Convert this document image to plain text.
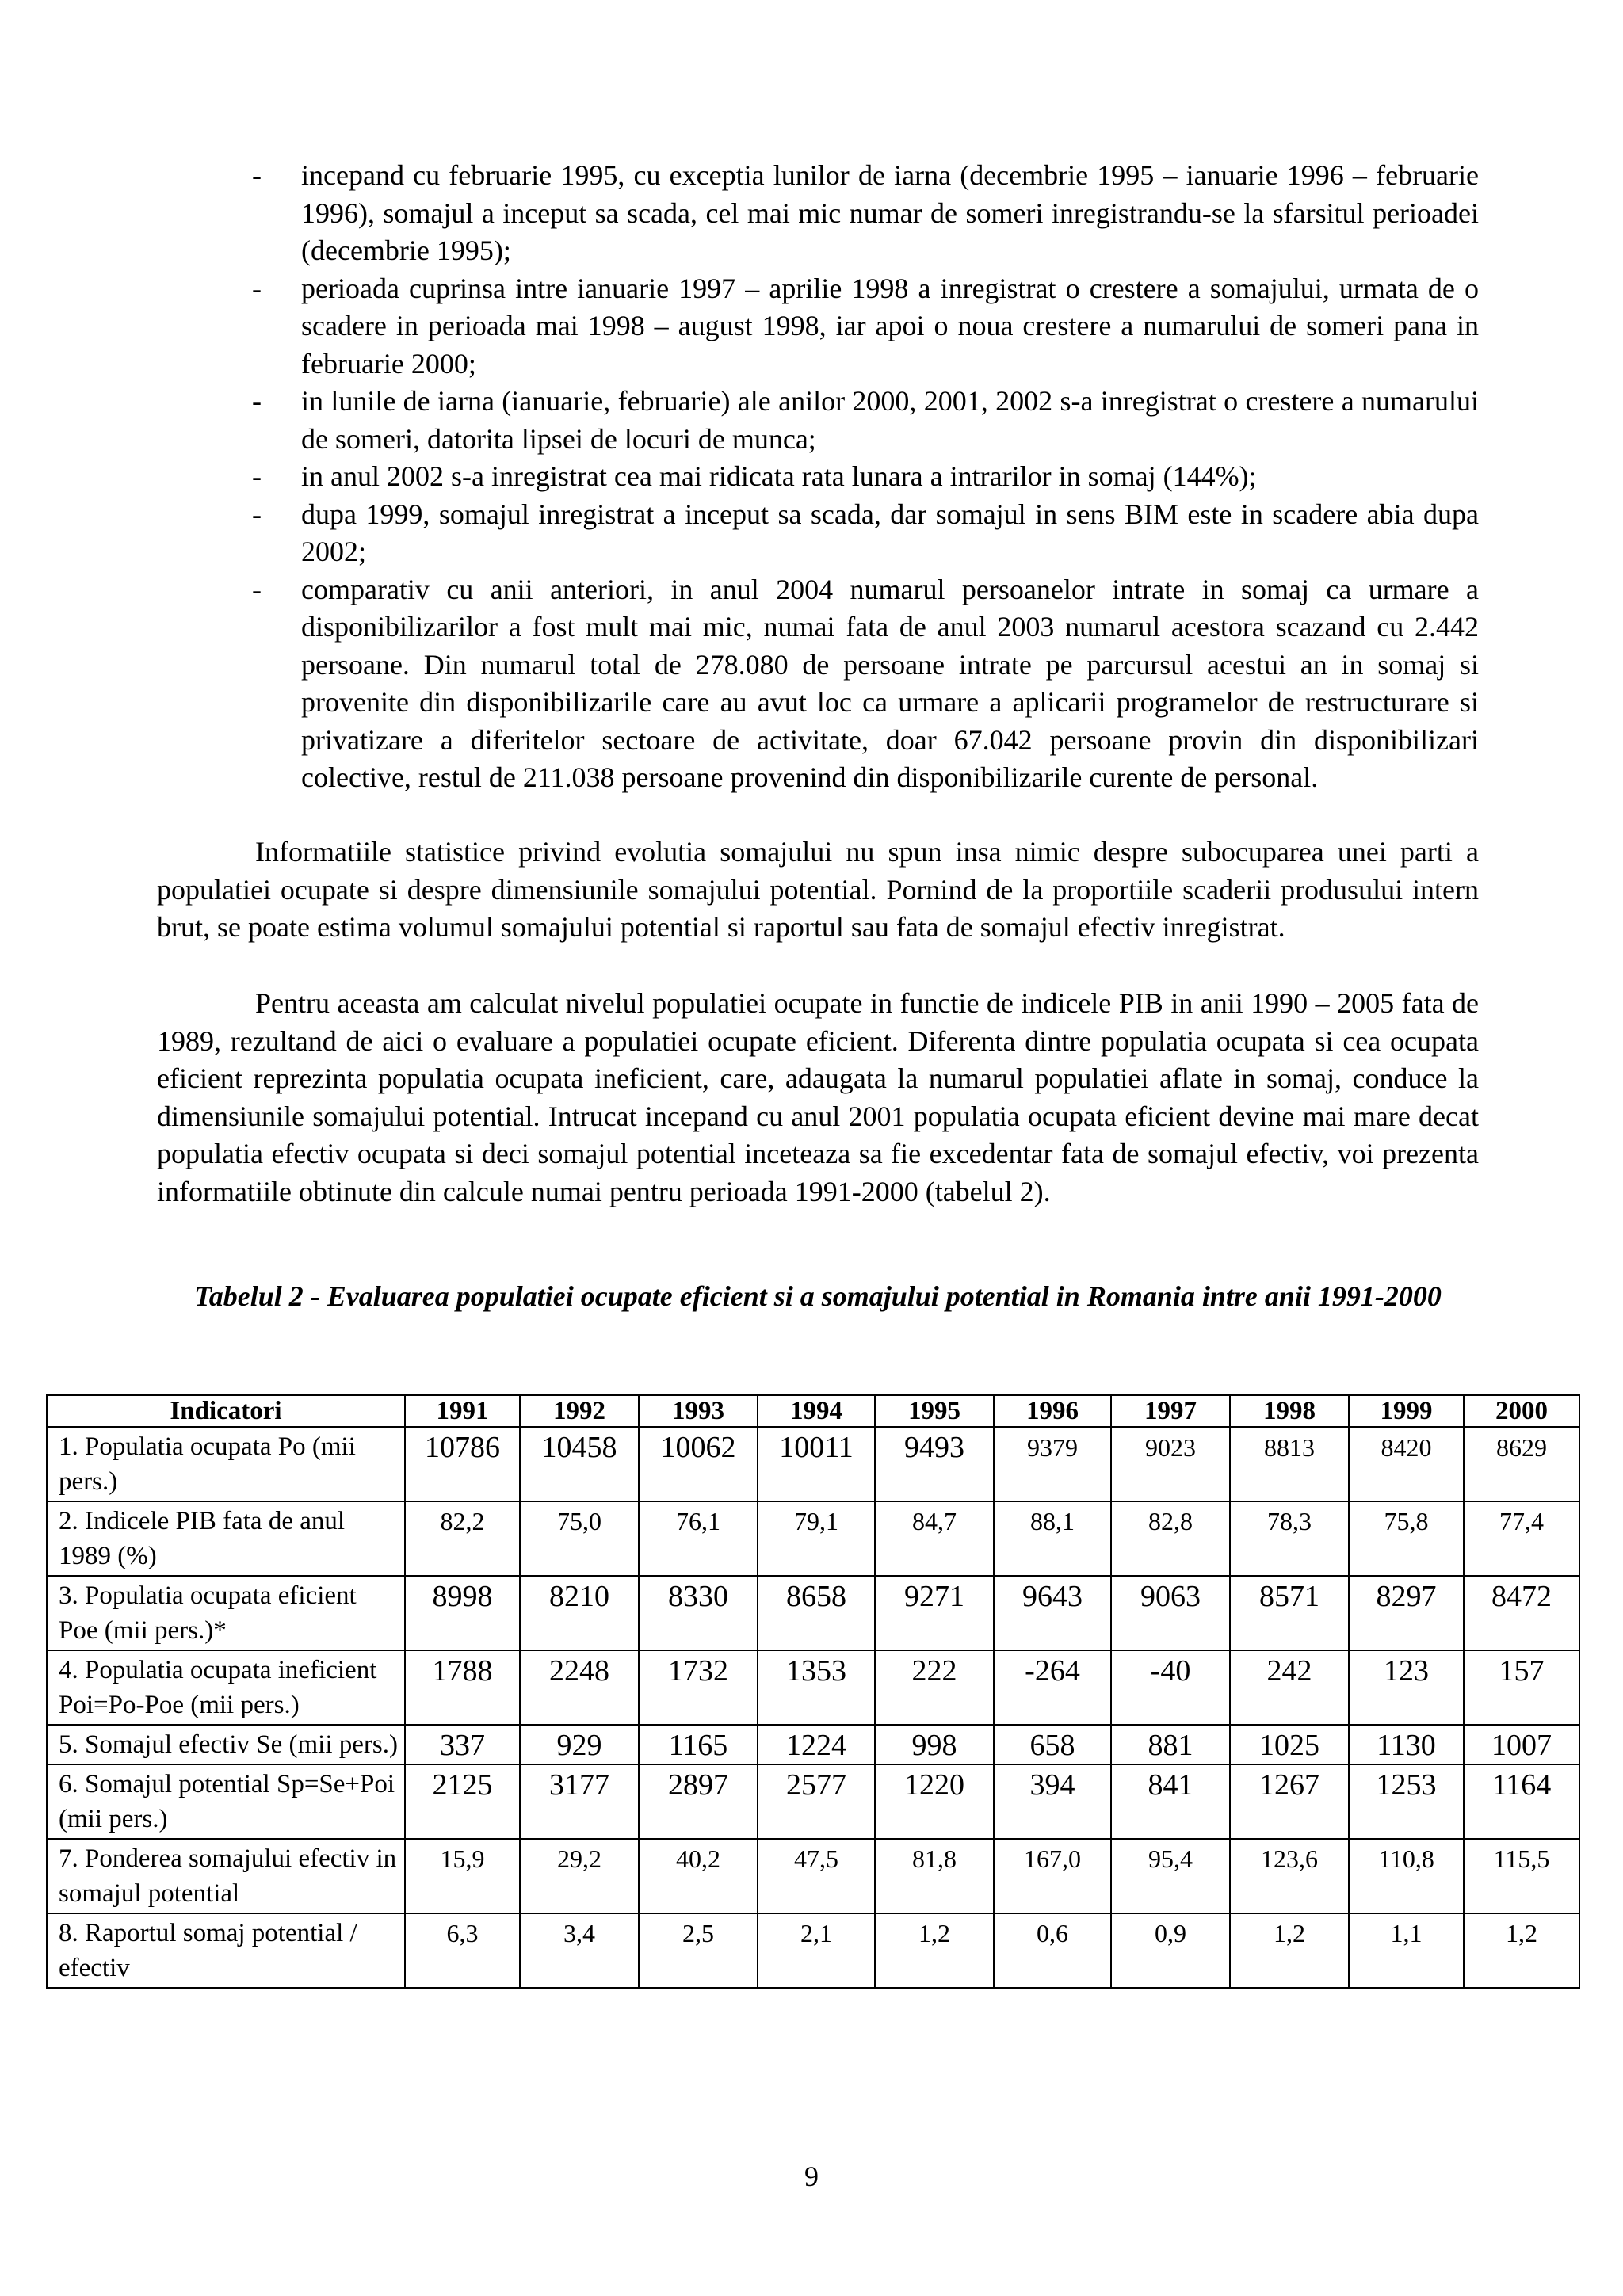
-	incepand cu februarie 1995, cu exceptia lunilor de iarna (decembrie 1995 – ianuarie 1996 – februarie 1996), somajul a inceput sa scada, cel mai mic numar de someri inregistrandu-se la sfarsitul perioadei (decembrie 1995);
-	perioada cuprinsa intre ianuarie 1997 – aprilie 1998 a inregistrat o crestere a somajului, urmata de o scadere in perioada mai 1998 – august 1998, iar apoi o noua crestere a numarului de someri pana in februarie 2000;
-	in lunile de iarna (ianuarie, februarie) ale anilor 2000, 2001, 2002 s-a inregistrat o crestere a numarului de someri, datorita lipsei de locuri de munca;
-	in anul 2002 s-a inregistrat cea mai ridicata rata lunara a intrarilor in somaj (144%);
-	dupa 1999, somajul inregistrat a inceput sa scada, dar somajul in sens BIM este in scadere abia dupa 2002;
-	comparativ cu anii anteriori, in anul 2004 numarul persoanelor intrate in somaj ca urmare a disponibilizarilor a fost mult mai mic, numai fata de anul 2003 numarul acestora scazand cu 2.442 persoane. Din numarul total de 278.080 de persoane intrate pe parcursul acestui an in somaj si provenite din disponibilizarile care au avut loc ca urmare a aplicarii programelor de restructurare si privatizare a diferitelor sectoare de activitate, doar 67.042 persoane provin din disponibilizari colective, restul de 211.038 persoane provenind din disponibilizarile curente de personal.

Informatiile statistice privind evolutia somajului nu spun insa nimic despre subocuparea unei parti a populatiei ocupate si despre dimensiunile somajului potential. Pornind de la proportiile scaderii produsului intern brut, se poate estima volumul somajului potential si raportul sau fata de somajul efectiv inregistrat.

Pentru aceasta am calculat nivelul populatiei ocupate in functie de indicele PIB in anii 1990 – 2005 fata de 1989, rezultand de aici o evaluare a populatiei ocupate eficient. Diferenta dintre populatia ocupata si cea ocupata eficient reprezinta populatia ocupata ineficient, care, adaugata la numarul populatiei aflate in somaj, conduce la dimensiunile somajului potential. Intrucat incepand cu anul 2001 populatia ocupata eficient devine mai mare decat populatia efectiv ocupata si deci somajul potential inceteaza sa fie excedentar fata de somajul efectiv, voi prezenta informatiile obtinute din calcule numai pentru perioada 1991-2000 (tabelul 2).

Tabelul 2 - Evaluarea populatiei ocupate eficient si a somajului potential in Romania intre anii 1991-2000

Indicatori	1991	1992	1993	1994	1995	1996	1997	1998	1999	2000
1. Populatia ocupata Po (mii pers.)	10786	10458	10062	10011	9493	9379	9023	8813	8420	8629
2. Indicele PIB fata de anul 1989 (%)	82,2	75,0	76,1	79,1	84,7	88,1	82,8	78,3	75,8	77,4
3. Populatia ocupata eficient Poe (mii pers.)*	8998	8210	8330	8658	9271	9643	9063	8571	8297	8472
4. Populatia ocupata ineficient Poi=Po-Poe (mii pers.)	1788	2248	1732	1353	222	-264	-40	242	123	157
5. Somajul efectiv Se (mii pers.)	337	929	1165	1224	998	658	881	1025	1130	1007
6. Somajul potential Sp=Se+Poi (mii pers.)	2125	3177	2897	2577	1220	394	841	1267	1253	1164
7. Ponderea somajului efectiv in somajul potential	15,9	29,2	40,2	47,5	81,8	167,0	95,4	123,6	110,8	115,5
8. Raportul somaj potential / efectiv	6,3	3,4	2,5	2,1	1,2	0,6	0,9	1,2	1,1	1,2
9
